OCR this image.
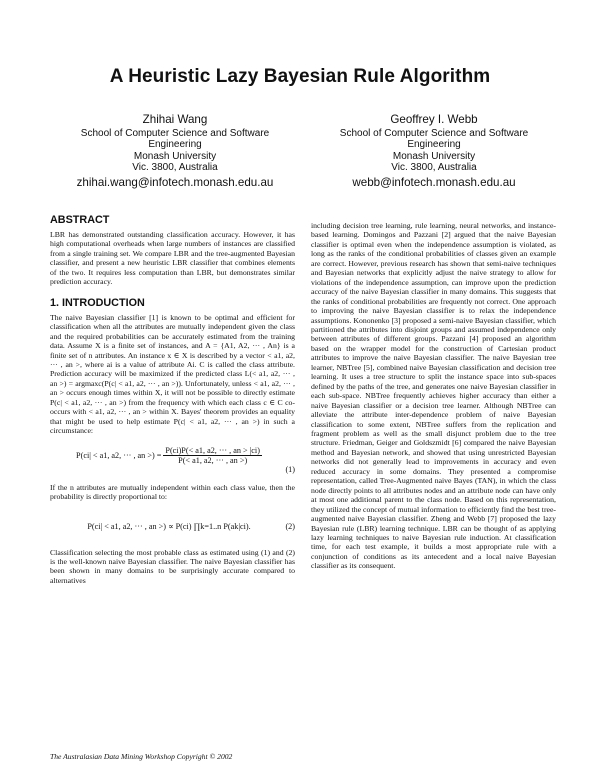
A Heuristic Lazy Bayesian Rule Algorithm
Zhihai Wang
School of Computer Science and Software
Engineering
Monash University
Vic. 3800, Australia
zhihai.wang@infotech.monash.edu.au
Geoffrey I. Webb
School of Computer Science and Software
Engineering
Monash University
Vic. 3800, Australia
webb@infotech.monash.edu.au
ABSTRACT

LBR has demonstrated outstanding classification accuracy. However, it has high computational overheads when large numbers of instances are classified from a single training set. We compare LBR and the tree-augmented Bayesian classifier, and present a new heuristic LBR classifier that combines elements of the two. It requires less computation than LBR, but demonstrates similar prediction accuracy.

1. INTRODUCTION

The naive Bayesian classifier [1] is known to be optimal and efficient for classification when all the attributes are mutually independent given the class and the required probabilities can be accurately estimated from the training data. Assume X is a finite set of instances, and A = {A1, A2, ··· , An} is a finite set of n attributes. An instance x ∈ X is described by a vector < a1, a2, ··· , an >, where ai is a value of attribute Ai. C is called the class attribute. Prediction accuracy will be maximized if the predicted class L(< a1, a2, ··· , an >) = argmaxc(P(c| < a1, a2, ··· , an >)). Unfortunately, unless < a1, a2, ··· , an > occurs enough times within X, it will not be possible to directly estimate P(c| < a1, a2, ··· , an >) from the frequency with which each class c ∈ C co-occurs with < a1, a2, ··· , an > within X. Bayes' theorem provides an equality that might be used to help estimate P(c| < a1, a2, ··· , an >) in such a circumstance:

P(ci| < a1, a2, ··· , an >) = $\frac{P(ci)P(< a1, a2, \cdot\cdot\cdot , an > |ci)}{P(< a1, a2, \cdot\cdot\cdot , an >)}$
(1)

If the n attributes are mutually independent within each class value, then the probability is directly proportional to:

P(ci| < a1, a2, ··· , an >) ∝ P(ci) ∏k=1..n P(ak|ci).	(2)

Classification selecting the most probable class as estimated using (1) and (2) is the well-known naive Bayesian classifier. The naive Bayesian classifier has been shown in many domains to be surprisingly accurate compared to alternatives

including decision tree learning, rule learning, neural networks, and instance-based learning. Domingos and Pazzani [2] argued that the naive Bayesian classifier is optimal even when the independence assumption is violated, as long as the ranks of the conditional probabilities of classes given an example are correct. However, previous research has shown that semi-naive techniques and Bayesian networks that explicitly adjust the naive strategy to allow for violations of the independence assumption, can improve upon the prediction accuracy of the naive Bayesian classifier in many domains. This suggests that the ranks of conditional probabilities are frequently not correct. One approach to improving the naive Bayesian classifier is to relax the independence assumptions. Kononenko [3] proposed a semi-naive Bayesian classifier, which partitioned the attributes into disjoint groups and assumed independence only between attributes of different groups. Pazzani [4] proposed an algorithm based on the wrapper model for the construction of Cartesian product attributes to improve the naive Bayesian classifier. The naive Bayesian tree learner, NBTree [5], combined naive Bayesian classification and decision tree learning. It uses a tree structure to split the instance space into sub-spaces defined by the paths of the tree, and generates one naive Bayesian classifier in each sub-space. NBTree frequently achieves higher accuracy than either a naive Bayesian classifier or a decision tree learner. Although NBTree can alleviate the attribute inter-dependence problem of naive Bayesian classification to some extent, NBTree suffers from the replication and fragment problem as well as the small disjunct problem due to the tree structure. Friedman, Geiger and Goldszmidt [6] compared the naive Bayesian method and Bayesian network, and showed that using unrestricted Bayesian networks did not generally lead to improvements in accuracy and even reduced accuracy in some domains. They presented a compromise representation, called Tree-Augmented naive Bayes (TAN), in which the class node directly points to all attributes nodes and an attribute node can have only at most one additional parent to the class node. Based on this representation, they utilized the concept of mutual information to efficiently find the best tree-augmented naive Bayesian classifier. Zheng and Webb [7] proposed the lazy Bayesian rule (LBR) learning technique. LBR can be thought of as applying lazy learning techniques to naive Bayesian rule induction. At classification time, for each test example, it builds a most appropriate rule with a conjunction of conditions as its antecedent and a local naive Bayesian classifier as its consequent.

The Australasian Data Mining Workshop Copyright © 2002
